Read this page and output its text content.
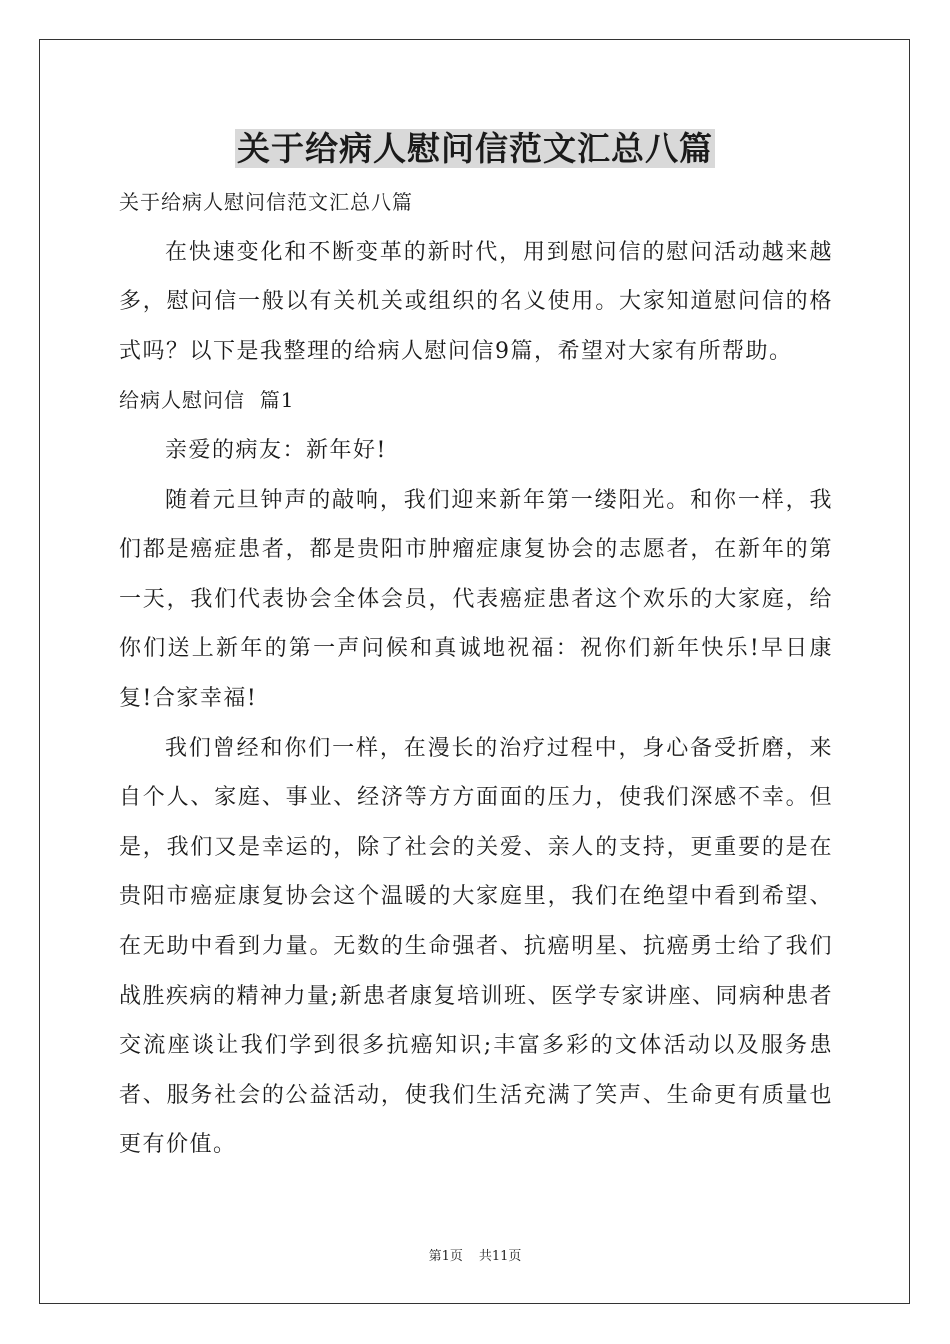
关于给病人慰问信范文汇总八篇

关于给病人慰问信范文汇总八篇

在快速变化和不断变革的新时代，用到慰问信的慰问活动越来越多，慰问信一般以有关机关或组织的名义使用。大家知道慰问信的格式吗？以下是我整理的给病人慰问信9篇，希望对大家有所帮助。

给病人慰问信  篇1

亲爱的病友：新年好!

随着元旦钟声的敲响，我们迎来新年第一缕阳光。和你一样，我们都是癌症患者，都是贵阳市肿瘤症康复协会的志愿者，在新年的第一天，我们代表协会全体会员，代表癌症患者这个欢乐的大家庭，给你们送上新年的第一声问候和真诚地祝福：祝你们新年快乐!早日康复!合家幸福!

我们曾经和你们一样，在漫长的治疗过程中，身心备受折磨，来自个人、家庭、事业、经济等方方面面的压力，使我们深感不幸。但是，我们又是幸运的，除了社会的关爱、亲人的支持，更重要的是在贵阳市癌症康复协会这个温暖的大家庭里，我们在绝望中看到希望、在无助中看到力量。无数的生命强者、抗癌明星、抗癌勇士给了我们战胜疾病的精神力量;新患者康复培训班、医学专家讲座、同病种患者交流座谈让我们学到很多抗癌知识;丰富多彩的文体活动以及服务患者、服务社会的公益活动，使我们生活充满了笑声、生命更有质量也更有价值。

第1页 共11页
